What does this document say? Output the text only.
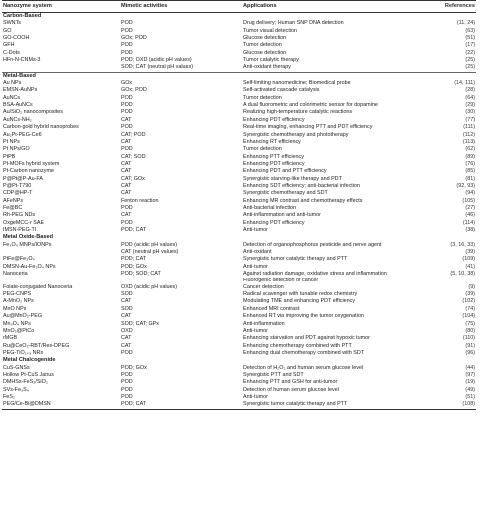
Nanozyme system	Mimetic activities	Applications	References
Carbon-Based			
SWNTs	POD	Drug delivery; Human SNP DNA detection	(11, 24)
GO	POD	Tumor visual detection	(63)
GO-COOH	GOx; POD	Glucose detection	(51)
GFH	POD	Tumor detection	(17)
C-Dots	POD	Glucose detection	(22)
HFn-N-CNMs-3	POD; OXD (acidic pH values)	Tumor catalytic therapy	(25)
	SOD; CAT (neutral pH values)	Anti-oxidant therapy	(25)
Metal-Based			
Au NPs	GOx	Self-limiting nanomedicine; Biomedical probe	(14, 111)
EMSN-AuNPs	GOx; POD	Self-activated cascade catalysis	(28)
AuNCs	POD	Tumor detection	(64)
BSA-AuNCs	POD	A dual fluorometric and colorimetric sensor for dopamine	(29)
Au/SiO₂ nanocomposites	POD	Realizing high-temperature catalytic reactions	(30)
AuNCs-NH₂	CAT	Enhancing PDT efficiency	(77)
Carbon-gold hybrid nanoprobes	POD	Real-time imaging, enhancing PTT and PDT efficiency	(111)
Au₂Pt-PEG-Ce6	CAT; POD	Synergistic chemotherapy and phototherapy	(112)
Pt NPs	CAT	Enhancing RT efficiency	(113)
Pt NPs/GO	POD	Tumor detection	(62)
PtPB	CAT; SOD	Enhancing PTT efficiency	(89)
Pt-MOFs hybrid system	CAT	Enhancing PDT efficiency	(76)
Pt-Carbon nanozyme	CAT	Enhancing PDT and PTT efficiency	(85)
P@Pt@P-Au-FA	CAT; GOx	Synergistic starving-like therapy and PDT	(81)
P@Pt-T790	CAT	Enhancing SDT efficiency; anti-bacterial infection	(92, 93)
CDP@HP-T	CAT	Synergistic chemotherapy and SDT	(94)
AFeNPs	Fenton reaction	Enhancing MR contrast and chemotherapy effects	(105)
Fe@BC	POD	Anti-bacterial infection	(27)
Rh-PEG NDs	CAT	Anti-inflammation and anti-tumor	(46)
OxgeMCC-r SAE	POD	Enhancing PDT efficiency	(114)
IMSN-PEG-TI	POD; CAT	Anti-tumor	(38)
Metal Oxide-Based			
Fe₃O₄ MNPs/IONPs	POD (acidic pH values)	Detection of organophosphorus pesticide and nerve agent	(3, 16, 33)
	CAT (neutral pH values)	Anti-oxidant	(39)
PtFe@Fe₃O₄	POD; CAT	Synergistic tumor catalytic therapy and PTT	(109)
DMSN-Au-Fe₃O₄ NPs	POD; GOx	Anti-tumor	(41)
Nanoceria	POD; SOD; CAT	Against radiation damage, oxidative stress and inflammation	(5, 10, 38)
		Fluorogenic detection of cancer	
Folate-conjugated Nanoceria	OXD (acidic pH values)	Cancer detection	(9)
PEG-CNPS	SOD	Radical scavenger with tunable redox chemistry	(39)
A-MnO₂ NPs	CAT	Modulating TME and enhancing PDT efficiency	(102)
MnO NPs	SOD	Enhanced MRI contrast	(74)
Au@MnO₂-PEG	CAT	Enhanced RT via improving the tumor oxygenation	(104)
Mn₃O₄ NPs	SOD; CAT; GPx	Anti-inflammation	(75)
MnO₂@PtCo	OXD	Anti-tumor	(80)
rMGB	CAT	Enhancing starvation and PDT against hypoxic tumor	(110)
Ru@CeO₂-RBT/Res-DPEG	CAT	Enhancing chemotherapy combined with PTT	(91)
PEG-TiO₁₊ₓ NRs	POD	Enhancing dual chemotherapy combined with SDT	(96)
Metal Chalcogenide			
CuS-GNSs	POD; GOx	Detection of H₂O₂ and human serum glucose level	(44)
Hollow Pt-CuS Janus	POD	Synergistic PTT and SDT	(97)
DMHSs-FeS₂/SiO₂	POD	Enhancing PTT and GSH for anti-tumor	(19)
SVs-Fe₃S₄	POD	Detection of human serum glucose level	(49)
FeS₂	POD	Anti-tumor	(51)
PEG/Ce-Bi@DMSN	POD; CAT	Synergistic tumor catalytic therapy and PTT	(108)
